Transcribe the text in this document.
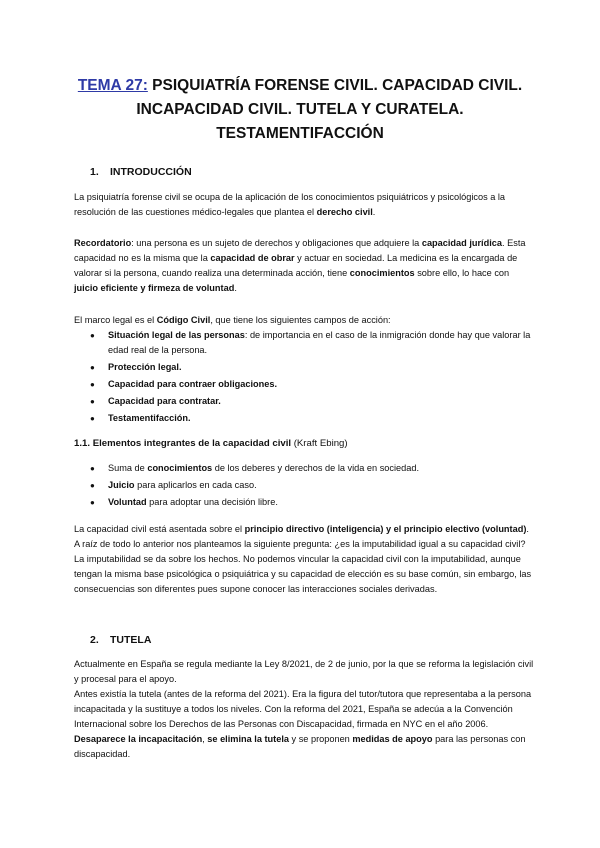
TEMA 27: PSIQUIATRÍA FORENSE CIVIL. CAPACIDAD CIVIL.
INCAPACIDAD CIVIL. TUTELA Y CURATELA.
TESTAMENTIFACCIÓN
1. INTRODUCCIÓN
La psiquiatría forense civil se ocupa de la aplicación de los conocimientos psiquiátricos y psicológicos a la resolución de las cuestiones médico-legales que plantea el derecho civil.
Recordatorio: una persona es un sujeto de derechos y obligaciones que adquiere la capacidad jurídica. Esta capacidad no es la misma que la capacidad de obrar y actuar en sociedad. La medicina es la encargada de valorar si la persona, cuando realiza una determinada acción, tiene conocimientos sobre ello, lo hace con juicio eficiente y firmeza de voluntad.
El marco legal es el Código Civil, que tiene los siguientes campos de acción:
● Situación legal de las personas: de importancia en el caso de la inmigración donde hay que valorar la edad real de la persona.
● Protección legal.
● Capacidad para contraer obligaciones.
● Capacidad para contratar.
● Testamentifacción.
1.1. Elementos integrantes de la capacidad civil (Kraft Ebing)
● Suma de conocimientos de los deberes y derechos de la vida en sociedad.
● Juicio para aplicarlos en cada caso.
● Voluntad para adoptar una decisión libre.
La capacidad civil está asentada sobre el principio directivo (inteligencia) y el principio electivo (voluntad). A raíz de todo lo anterior nos planteamos la siguiente pregunta: ¿es la imputabilidad igual a su capacidad civil? La imputabilidad se da sobre los hechos. No podemos vincular la capacidad civil con la imputabilidad, aunque tengan la misma base psicológica o psiquiátrica y su capacidad de elección es su base común, sin embargo, las consecuencias son diferentes pues supone conocer las interacciones sociales derivadas.
2. TUTELA
Actualmente en España se regula mediante la Ley 8/2021, de 2 de junio, por la que se reforma la legislación civil y procesal para el apoyo.
Antes existía la tutela (antes de la reforma del 2021). Era la figura del tutor/tutora que representaba a la persona incapacitada y la sustituye a todos los niveles. Con la reforma del 2021, España se adecúa a la Convención Internacional sobre los Derechos de las Personas con Discapacidad, firmada en NYC en el año 2006. Desaparece la incapacitación, se elimina la tutela y se proponen medidas de apoyo para las personas con discapacidad.
